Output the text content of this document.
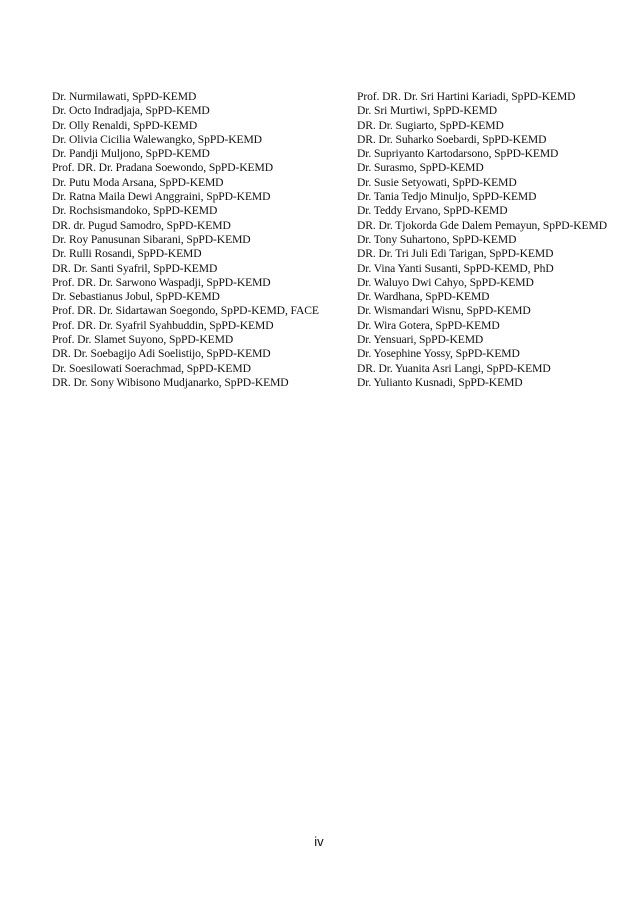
Dr. Nurmilawati, SpPD-KEMD
Dr. Octo Indradjaja, SpPD-KEMD
Dr. Olly Renaldi, SpPD-KEMD
Dr. Olivia Cicilia Walewangko, SpPD-KEMD
Dr. Pandji Muljono, SpPD-KEMD
Prof. DR. Dr. Pradana Soewondo, SpPD-KEMD
Dr. Putu Moda Arsana, SpPD-KEMD
Dr. Ratna Maila Dewi Anggraini, SpPD-KEMD
Dr. Rochsismandoko, SpPD-KEMD
DR. dr. Pugud Samodro, SpPD-KEMD
Dr. Roy Panusunan Sibarani, SpPD-KEMD
Dr. Rulli Rosandi, SpPD-KEMD
DR. Dr. Santi Syafril, SpPD-KEMD
Prof. DR. Dr. Sarwono Waspadji, SpPD-KEMD
Dr. Sebastianus Jobul, SpPD-KEMD
Prof. DR. Dr. Sidartawan Soegondo, SpPD-KEMD, FACE
Prof. DR. Dr. Syafril Syahbuddin, SpPD-KEMD
Prof. Dr. Slamet Suyono, SpPD-KEMD
DR. Dr. Soebagijo Adi Soelistijo, SpPD-KEMD
Dr. Soesilowati Soerachmad, SpPD-KEMD
DR. Dr. Sony Wibisono Mudjanarko, SpPD-KEMD
Prof. DR. Dr. Sri Hartini Kariadi, SpPD-KEMD
Dr. Sri Murtiwi, SpPD-KEMD
DR. Dr. Sugiarto, SpPD-KEMD
DR. Dr. Suharko Soebardi, SpPD-KEMD
Dr. Supriyanto Kartodarsono, SpPD-KEMD
Dr. Surasmo, SpPD-KEMD
Dr. Susie Setyowati, SpPD-KEMD
Dr. Tania Tedjo Minuljo, SpPD-KEMD
Dr. Teddy Ervano, SpPD-KEMD
DR. Dr. Tjokorda Gde Dalem Pemayun, SpPD-KEMD
Dr. Tony Suhartono, SpPD-KEMD
DR. Dr. Tri Juli Edi Tarigan, SpPD-KEMD
Dr. Vina Yanti Susanti, SpPD-KEMD, PhD
Dr. Waluyo Dwi Cahyo, SpPD-KEMD
Dr. Wardhana, SpPD-KEMD
Dr. Wismandari Wisnu, SpPD-KEMD
Dr. Wira Gotera, SpPD-KEMD
Dr. Yensuari, SpPD-KEMD
Dr. Yosephine Yossy, SpPD-KEMD
DR. Dr. Yuanita Asri Langi, SpPD-KEMD
Dr. Yulianto Kusnadi, SpPD-KEMD
iv
